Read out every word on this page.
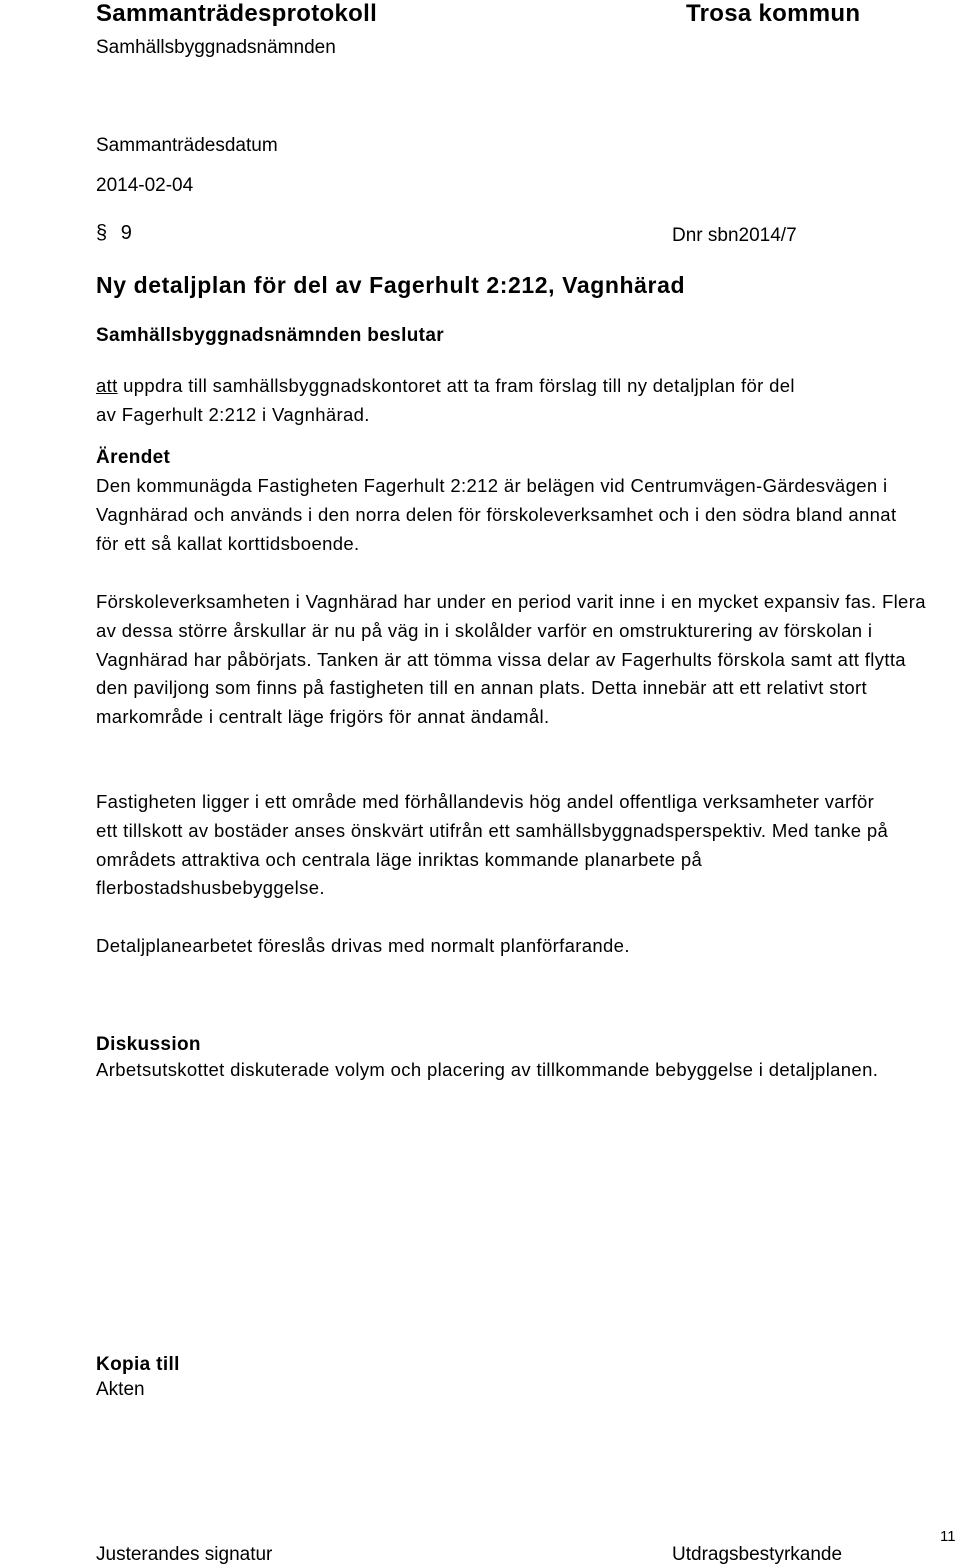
Sammanträdesprotokoll	Trosa kommun
Samhällsbyggnadsnämnden
Sammanträdesdatum
2014-02-04
§ 9	Dnr sbn2014/7
Ny detaljplan för del av Fagerhult 2:212, Vagnhärad
Samhällsbyggnadsnämnden beslutar
att uppdra till samhällsbyggnadskontoret att ta fram förslag till ny detaljplan för del
av Fagerhult 2:212 i Vagnhärad.
Ärendet

Den kommunägda Fastigheten Fagerhult 2:212 är belägen vid Centrumvägen-Gärdesvägen i Vagnhärad och används i den norra delen för förskoleverksamhet och i den södra bland annat för ett så kallat korttidsboende.

Förskoleverksamheten i Vagnhärad har under en period varit inne i en mycket expansiv fas. Flera av dessa större årskullar är nu på väg in i skolålder varför en omstrukturering av förskolan i Vagnhärad har påbörjats. Tanken är att tömma vissa delar av Fagerhults förskola samt att flytta den paviljong som finns på fastigheten till en annan plats. Detta innebär att ett relativt stort markområde i centralt läge frigörs för annat ändamål.

Fastigheten ligger i ett område med förhållandevis hög andel offentliga verksamheter varför ett tillskott av bostäder anses önskvärt utifrån ett samhällsbyggnadsperspektiv. Med tanke på områdets attraktiva och centrala läge inriktas kommande planarbete på flerbostadshusbebyggelse.

Detaljplanearbetet föreslås drivas med normalt planförfarande.

Diskussion

Arbetsutskottet diskuterade volym och placering av tillkommande bebyggelse i detaljplanen.

Kopia till
Akten
11
Justerandes signatur	Utdragsbestyrkande
